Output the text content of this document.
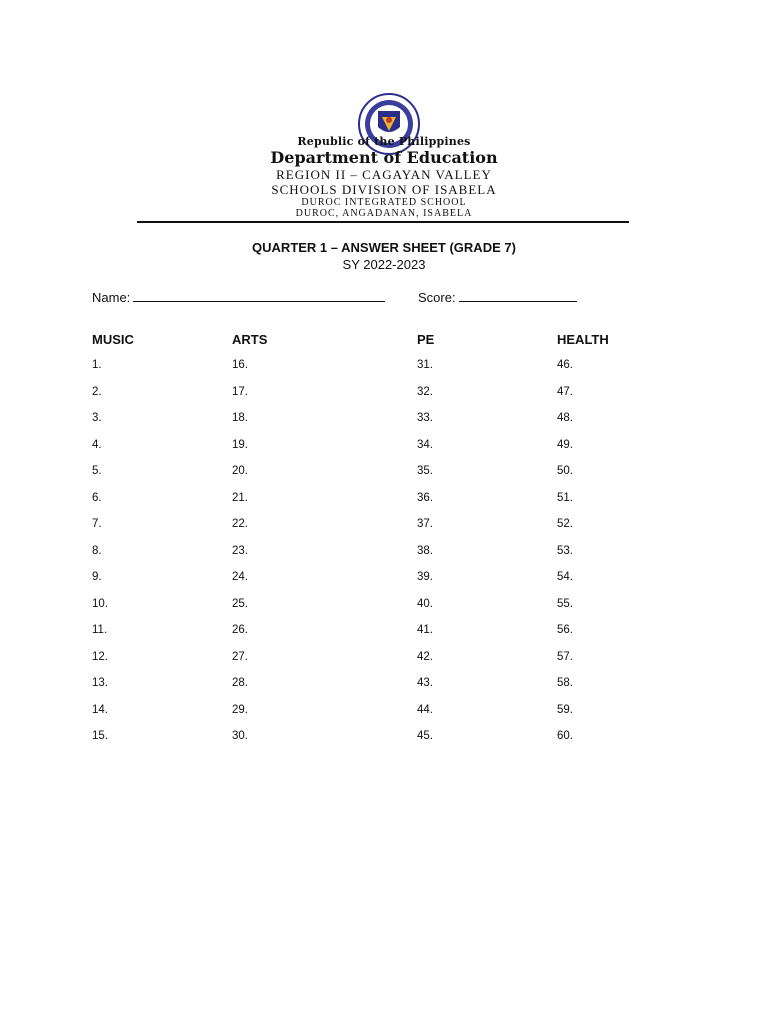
Republic of the Philippines
Department of Education
REGION II – CAGAYAN VALLEY
SCHOOLS DIVISION OF ISABELA
DUROC INTEGRATED SCHOOL
DUROC, ANGADANAN, ISABELA
QUARTER 1 – ANSWER SHEET (GRADE 7)
SY 2022-2023
Name:	Score:
MUSIC
1.
2.
3.
4.
5.
6.
7.
8.
9.
10.
11.
12.
13.
14.
15.
ARTS
16.
17.
18.
19.
20.
21.
22.
23.
24.
25.
26.
27.
28.
29.
30.
PE
31.
32.
33.
34.
35.
36.
37.
38.
39.
40.
41.
42.
43.
44.
45.
HEALTH
46.
47.
48.
49.
50.
51.
52.
53.
54.
55.
56.
57.
58.
59.
60.
